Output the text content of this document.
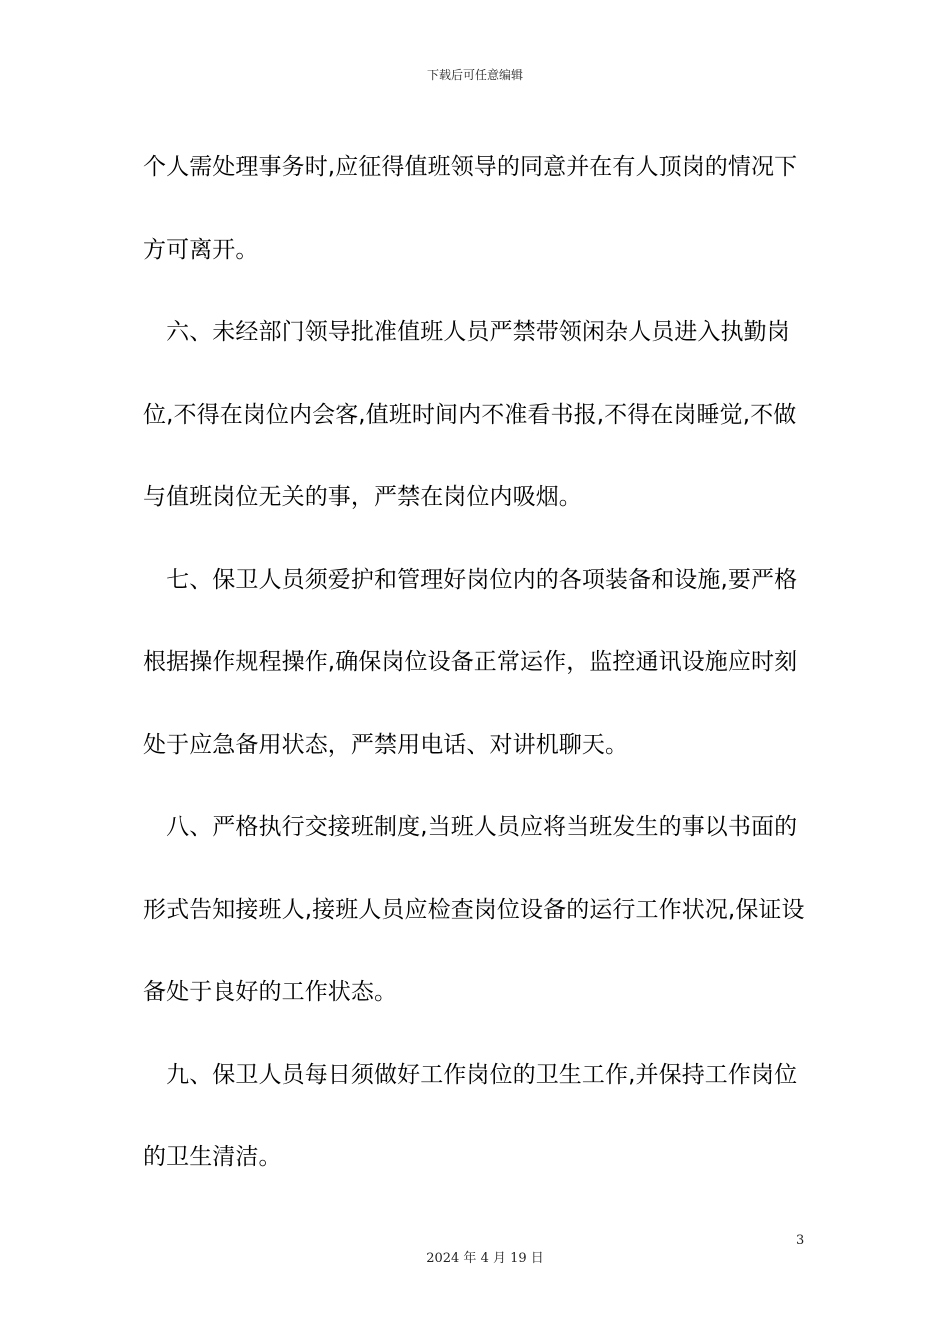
下载后可任意编辑
个人需处理事务时,应征得值班领导的同意并在有人顶岗的情况下
方可离开。
　六、未经部门领导批准值班人员严禁带领闲杂人员进入执勤岗
位,不得在岗位内会客,值班时间内不准看书报,不得在岗睡觉,不做
与值班岗位无关的事，严禁在岗位内吸烟。
　七、保卫人员须爱护和管理好岗位内的各项装备和设施,要严格
根据操作规程操作,确保岗位设备正常运作，监控通讯设施应时刻
处于应急备用状态，严禁用电话、对讲机聊天。
　八、严格执行交接班制度,当班人员应将当班发生的事以书面的
形式告知接班人,接班人员应检查岗位设备的运行工作状况,保证设
备处于良好的工作状态。
　九、保卫人员每日须做好工作岗位的卫生工作,并保持工作岗位
的卫生清洁。
3
2024 年 4 月 19 日
